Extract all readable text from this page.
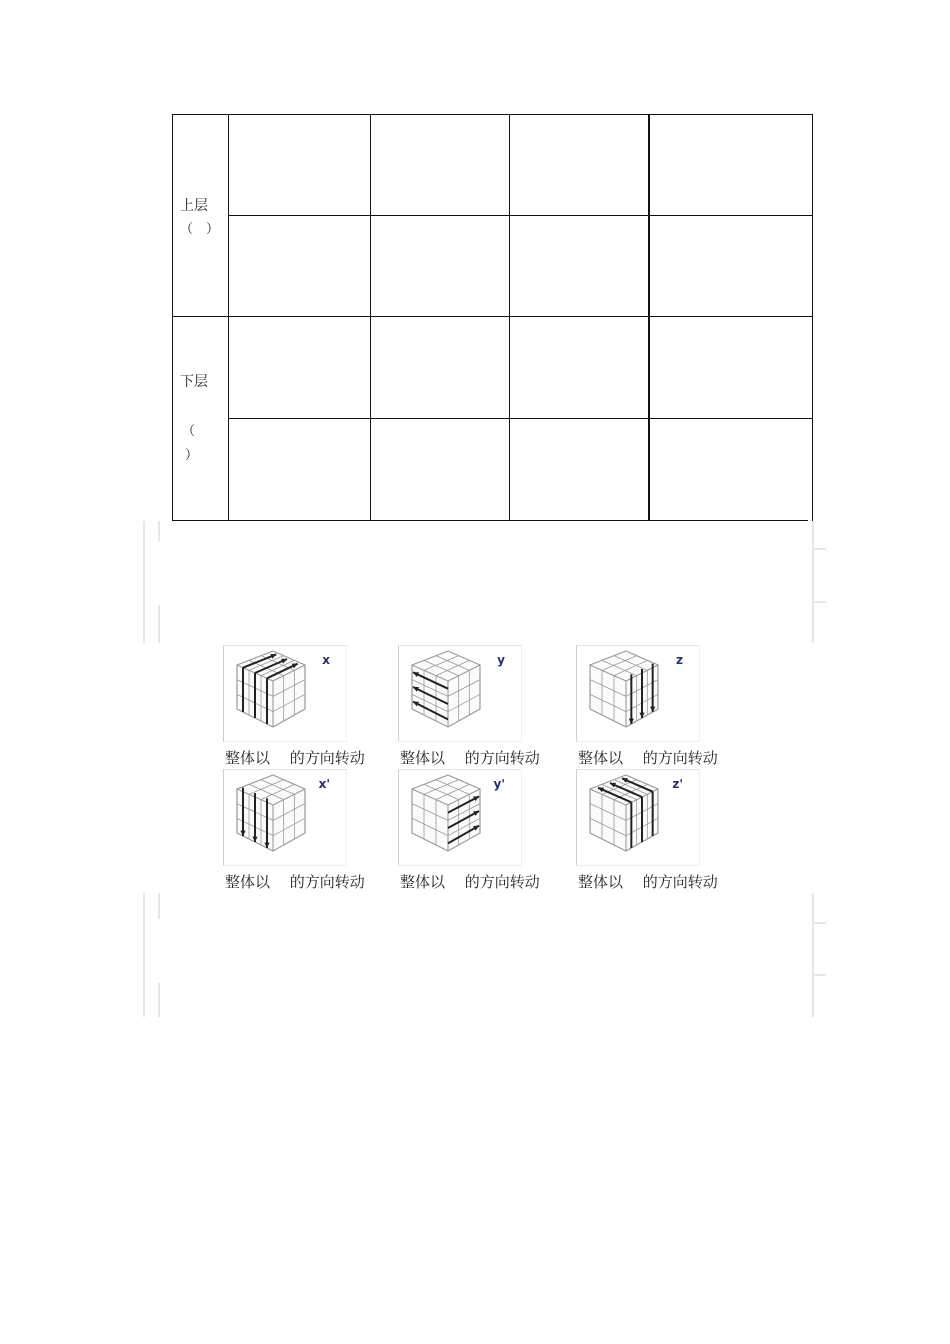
上层
（　）
下层
（
）
x
整体以　 的方向转动
y
整体以　 的方向转动
z
整体以　 的方向转动
x'
整体以　 的方向转动
y'
整体以　 的方向转动
z'
整体以　 的方向转动
